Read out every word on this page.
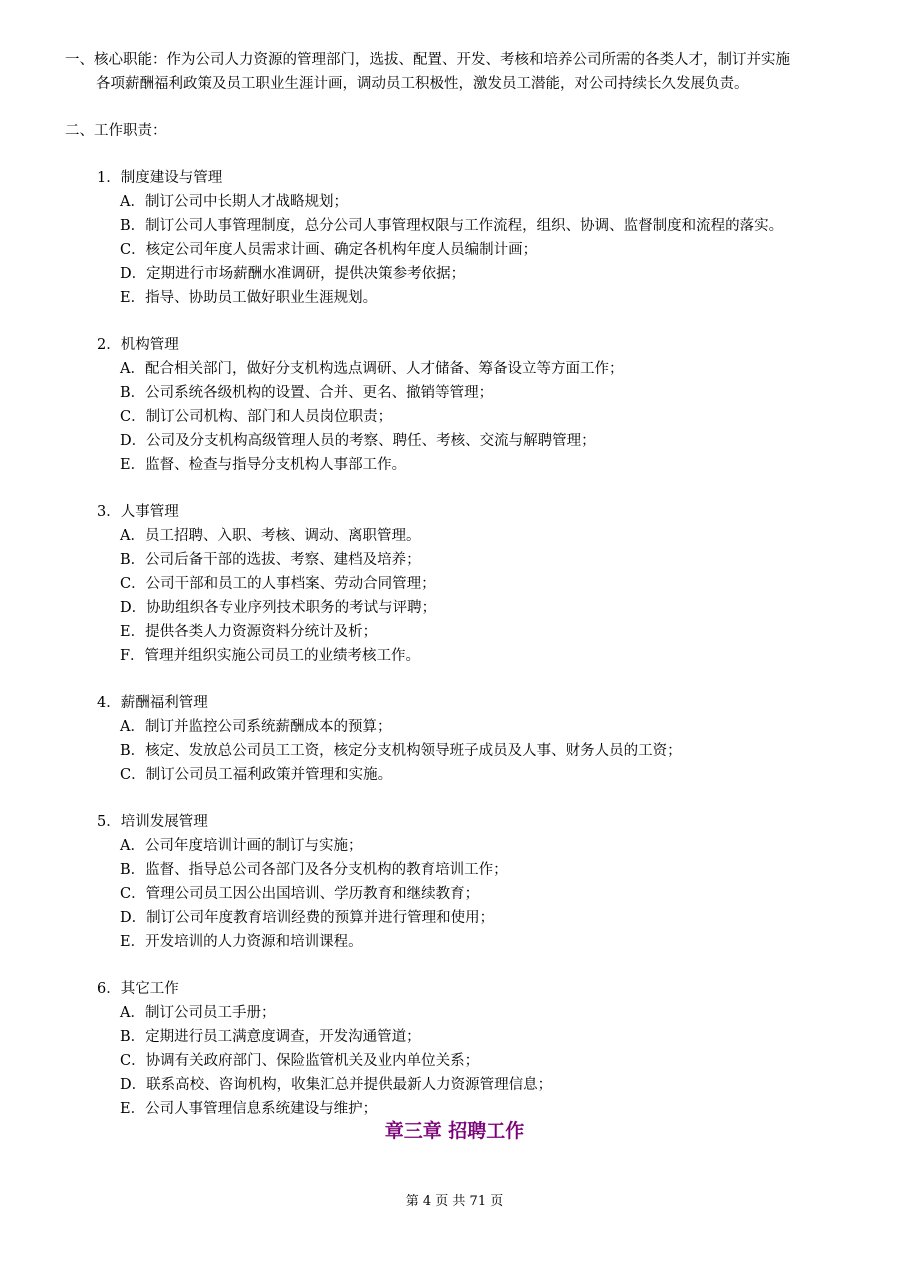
一、核心职能：作为公司人力资源的管理部门，选拔、配置、开发、考核和培养公司所需的各类人才，制订并实施
各项薪酬福利政策及员工职业生涯计画，调动员工积极性，激发员工潜能，对公司持续长久发展负责。
二、工作职责：
1．制度建设与管理
A．制订公司中长期人才战略规划；
B．制订公司人事管理制度，总分公司人事管理权限与工作流程，组织、协调、监督制度和流程的落实。
C．核定公司年度人员需求计画、确定各机构年度人员编制计画；
D．定期进行市场薪酬水准调研，提供决策参考依据；
E．指导、协助员工做好职业生涯规划。
2．机构管理
A．配合相关部门，做好分支机构选点调研、人才储备、筹备设立等方面工作；
B．公司系统各级机构的设置、合并、更名、撤销等管理；
C．制订公司机构、部门和人员岗位职责；
D．公司及分支机构高级管理人员的考察、聘任、考核、交流与解聘管理；
E．监督、检查与指导分支机构人事部工作。
3．人事管理
A．员工招聘、入职、考核、调动、离职管理。
B．公司后备干部的选拔、考察、建档及培养；
C．公司干部和员工的人事档案、劳动合同管理；
D．协助组织各专业序列技术职务的考试与评聘；
E．提供各类人力资源资料分统计及析；
F．管理并组织实施公司员工的业绩考核工作。
4．薪酬福利管理
A．制订并监控公司系统薪酬成本的预算；
B．核定、发放总公司员工工资，核定分支机构领导班子成员及人事、财务人员的工资；
C．制订公司员工福利政策并管理和实施。
5．培训发展管理
A．公司年度培训计画的制订与实施；
B．监督、指导总公司各部门及各分支机构的教育培训工作；
C．管理公司员工因公出国培训、学历教育和继续教育；
D．制订公司年度教育培训经费的预算并进行管理和使用；
E．开发培训的人力资源和培训课程。
6．其它工作
A．制订公司员工手册；
B．定期进行员工满意度调查，开发沟通管道；
C．协调有关政府部门、保险监管机关及业内单位关系；
D．联系高校、咨询机构，收集汇总并提供最新人力资源管理信息；
E．公司人事管理信息系统建设与维护；
章三章 招聘工作
第 4 页 共 71 页
